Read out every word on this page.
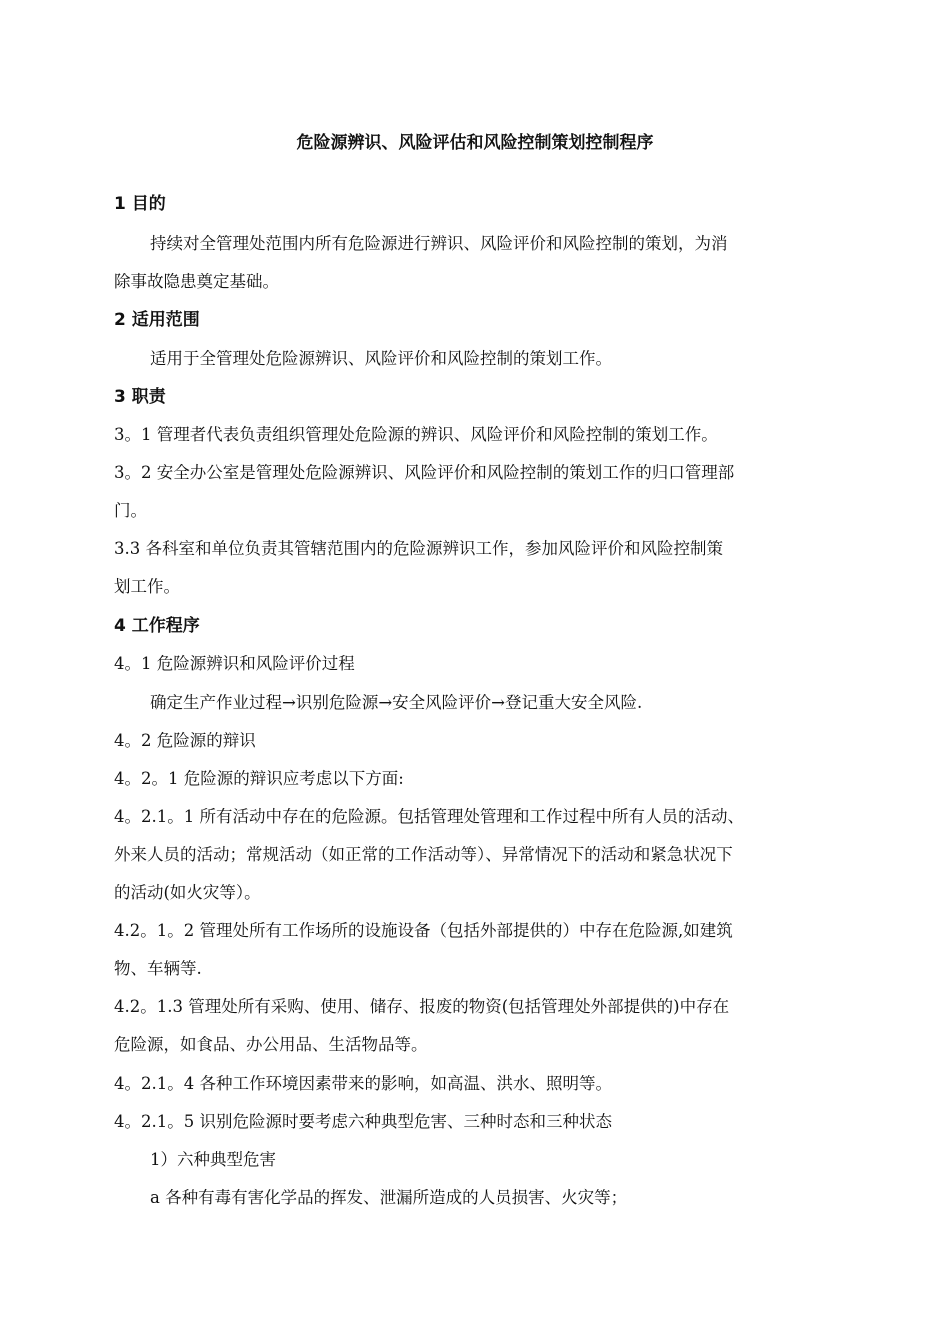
危险源辨识、风险评估和风险控制策划控制程序
1 目的
持续对全管理处范围内所有危险源进行辨识、风险评价和风险控制的策划，为消
除事故隐患奠定基础。
2 适用范围
适用于全管理处危险源辨识、风险评价和风险控制的策划工作。
3 职责
3。1 管理者代表负责组织管理处危险源的辨识、风险评价和风险控制的策划工作。
3。2 安全办公室是管理处危险源辨识、风险评价和风险控制的策划工作的归口管理部
门。
3.3 各科室和单位负责其管辖范围内的危险源辨识工作，参加风险评价和风险控制策
划工作。
4 工作程序
4。1 危险源辨识和风险评价过程
确定生产作业过程→识别危险源→安全风险评价→登记重大安全风险.
4。2 危险源的辩识
4。2。1 危险源的辩识应考虑以下方面:
4。2.1。1 所有活动中存在的危险源。包括管理处管理和工作过程中所有人员的活动、
外来人员的活动；常规活动（如正常的工作活动等）、异常情况下的活动和紧急状况下
的活动(如火灾等）。
4.2。1。2 管理处所有工作场所的设施设备（包括外部提供的）中存在危险源,如建筑
物、车辆等.
4.2。1.3 管理处所有采购、使用、储存、报废的物资(包括管理处外部提供的)中存在
危险源，如食品、办公用品、生活物品等。
4。2.1。4 各种工作环境因素带来的影响，如高温、洪水、照明等。
4。2.1。5 识别危险源时要考虑六种典型危害、三种时态和三种状态
1）六种典型危害
a 各种有毒有害化学品的挥发、泄漏所造成的人员损害、火灾等；
